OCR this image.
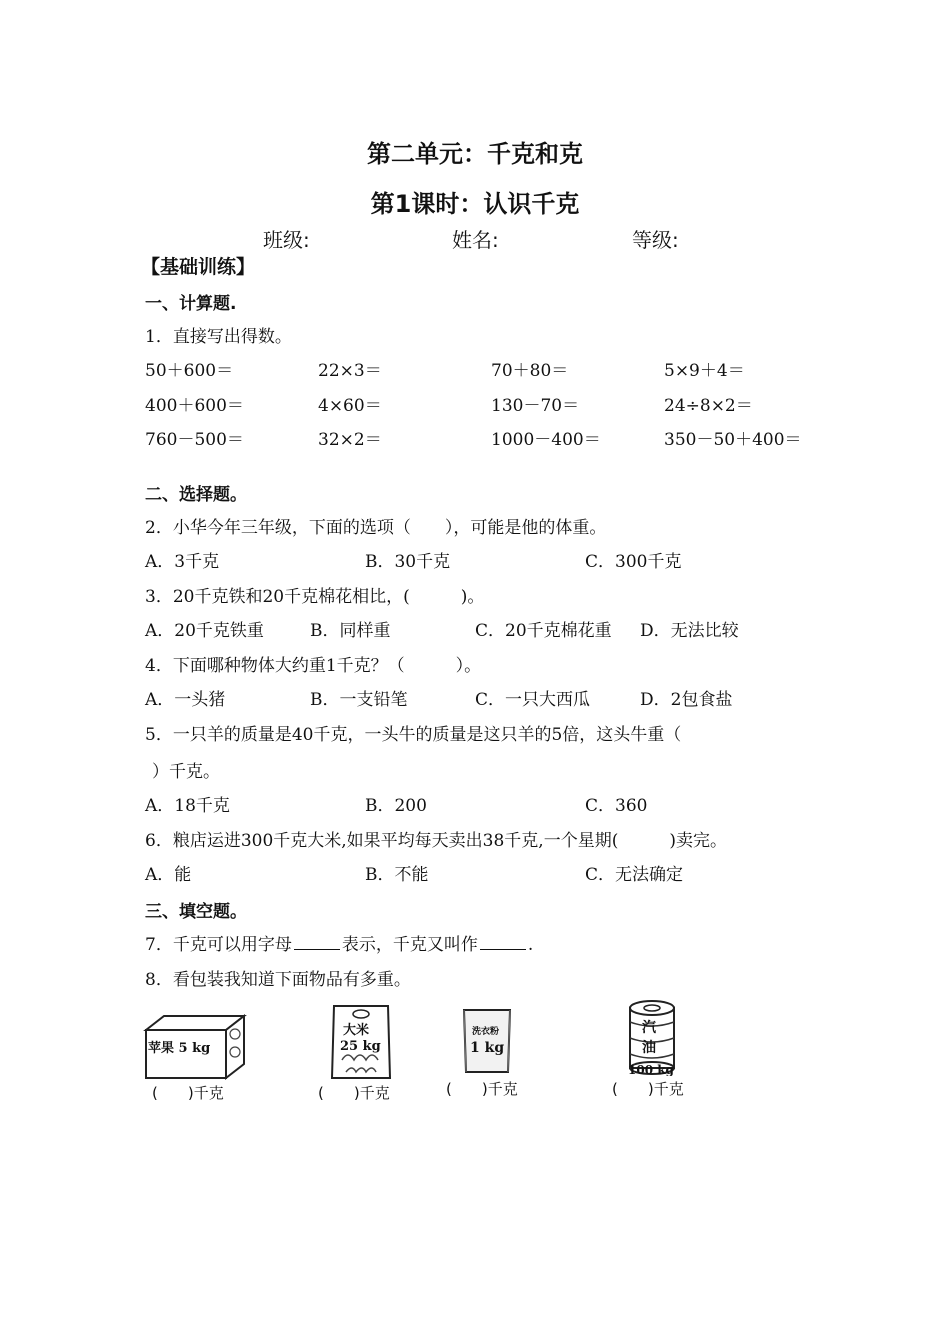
第二单元：千克和克
第1课时：认识千克
班级:	姓名:	等级:
【基础训练】
一、计算题.
1．直接写出得数。
50＋600＝	22×3＝	70＋80＝	5×9＋4＝
400＋600＝	4×60＝	130－70＝	24÷8×2＝
760－500＝	32×2＝	1000－400＝	350－50＋400＝
二、选择题。
2．小华今年三年级，下面的选项（　　），可能是他的体重。
A．3千克	B．30千克	C．300千克
3．20千克铁和20千克棉花相比，(　　　)。
A．20千克铁重	B．同样重	C．20千克棉花重 D．无法比较
4．下面哪种物体大约重1千克？（　　　）。
A．一头猪	B．一支铅笔	C．一只大西瓜	D．2包食盐
5．一只羊的质量是40千克，一头牛的质量是这只羊的5倍，这头牛重（
）千克。
A．18千克	B．200	C．360
6．粮店运进300千克大米,如果平均每天卖出38千克,一个星期(　　　)卖完。
A．能	B．不能	C．无法确定
三、填空题。
7．千克可以用字母	表示，千克又叫作	.
8．看包装我知道下面物品有多重。
苹果 5 kg
(　　)千克
大米
25 kg
(　　)千克
洗衣粉
1 kg
(　　)千克
汽
油
100 kg
(　　)千克
